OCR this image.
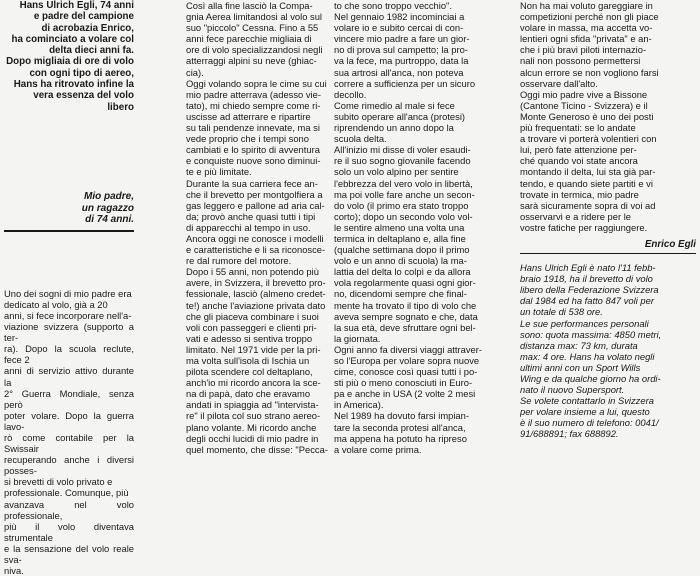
Hans Ulrich Egli, 74 anni
e padre del campione
di acrobazia Enrico,
ha cominciato a volare col
delta dieci anni fa.
Dopo migliaia di ore di volo
con ogni tipo di aereo,
Hans ha ritrovato infine la
vera essenza del volo libero
Mio padre,
un ragazzo
di 74 anni.
Uno dei sogni di mio padre era
dedicato al volo, già a 20
anni, si fece incorporare nell'a-
viazione svizzera (supporto a ter-
ra). Dopo la scuola reclute, fece 2
anni di servizio attivo durante la
2° Guerra Mondiale, senza però
poter volare. Dopo la guerra lavo-
rò come contabile per la Swissair
recuperando anche i diversi posses-
si brevetti di volo privato e
professionale. Comunque, più
avanzava nel volo professionale,
più il volo diventava strumentale
e la sensazione del volo reale sva-
niva.
Così alla fine lasciò la Compa-
gnia Aerea limitandosi al volo sul
suo "piccolo" Cessna. Fino a 55
anni fece parecchie migliaia di
ore di volo specializzandosi negli
atterraggi alpini su neve (ghiac-
cia).
Oggi volando sopra le cime su cui
mio padre atterrava (adesso vie-
tato), mi chiedo sempre come ri-
uscisse ad atterrare e ripartire
su tali pendenze innevate, ma si
vede proprio che i tempi sono
cambiati e lo spirito di avventura
e conquiste nuove sono diminui-
te e più limitate.
Durante la sua carriera fece an-
che il brevetto per montgolfiera a
gas leggero e pallone ad aria cal-
da; provò anche quasi tutti i tipi
di apparecchi al tempo in uso.
Ancora oggi ne conosce i modelli
e caratteristiche e li sa riconosce-
re dal rumore del motore.
Dopo i 55 anni, non potendo più
avere, in Svizzera, il brevetto pro-
fessionale, lasciò (almeno credet-
te!) anche l'aviazione privata dato
che gli piaceva combinare i suoi
voli con passeggeri e clienti pri-
vati e adesso si sentiva troppo
limitato. Nel 1971 vide per la pri-
ma volta sull'isola di Ischia un
pilota scendere col deltaplano,
anch'io mi ricordo ancora la sce-
na di papà, dato che eravamo
andati in spiaggia ad "intervista-
re" il pilota col suo strano aereo-
plano volante. Mi ricordo anche
degli occhi lucidi di mio padre in
quel momento, che disse: "Pecca-
to che sono troppo vecchio".
Nel gennaio 1982 incominciai a
volare io e subito cercai di con-
vincere mio padre a fare un gior-
no di prova sul campetto; la pro-
va la fece, ma purtroppo, data la
sua artrosi all'anca, non poteva
correre a sufficienza per un sicuro
decollo.
Come rimedio al male si fece
subito operare all'anca (protesi)
riprendendo un anno dopo la
scuola delta.
All'inizio mi disse di voler esaudi-
re il suo sogno giovanile facendo
solo un volo alpino per sentire
l'ebbrezza del vero volo in libertà,
ma poi volle fare anche un secon-
do volo (il primo era stato troppo
corto); dopo un secondo volo vol-
le sentire almeno una volta una
termica in deltaplano e, alla fine
(qualche settimana dopo il primo
volo e un anno di scuola) la ma-
lattia del delta lo colpì e da allora
vola regolarmente quasi ogni gior-
no, dicendomi sempre che final-
mente ha trovato il tipo di volo che
aveva sempre sognato e che, data
la sua età, deve sfruttare ogni bel-
la giornata.
Ogni anno fa diversi viaggi attraver-
so l'Europa per volare sopra nuove
cime, conosce così quasi tutti i po-
sti più o meno conosciuti in Euro-
pa e anche in USA (2 volte 2 mesi
in America).
Nel 1989 ha dovuto farsi impian-
tare la seconda protesi all'anca,
ma appena ha potuto ha ripreso
a volare come prima.
Non ha mai voluto gareggiare in
competizioni perché non gli piace
volare in massa, ma accetta vo-
lentieri ogni sfida "privata" e an-
che i più bravi piloti internazio-
nali non possono permettersi
alcun errore se non vogliono farsi
osservare dall'alto.
Oggi mio padre vive a Bissone
(Cantone Ticino - Svizzera) e il
Monte Generoso è uno dei posti
più frequentati: se lo andate
a trovare vi porterà volentieri con
lui, però fate attenzione per-
ché quando voi state ancora
montando il delta, lui sta già par-
tendo, e quando siete partiti e vi
trovate in termica, mio padre
sarà sicuramente sopra di voi ad
osservarvi e a ridere per le
vostre fatiche per raggiungere.
Enrico Egli
Hans Ulrich Egli è nato l'11 febb-
braio 1918, ha il brevetto di volo
libero della Federazione Svizzera
dal 1984 ed ha fatto 847 voli per
un totale di 538 ore.
Le sue performances personali
sono: quota massima: 4850 metri,
distanza max: 73 km, durata
max: 4 ore. Hans ha volato negli
ultimi anni con un Sport Wills
Wing e da qualche giorno ha ordi-
nato il nuovo Supersport.
Se volete contattarlo in Svizzera
per volare insieme a lui, questo
è il suo numero di telefono: 0041/
91/688891; fax 688892.
